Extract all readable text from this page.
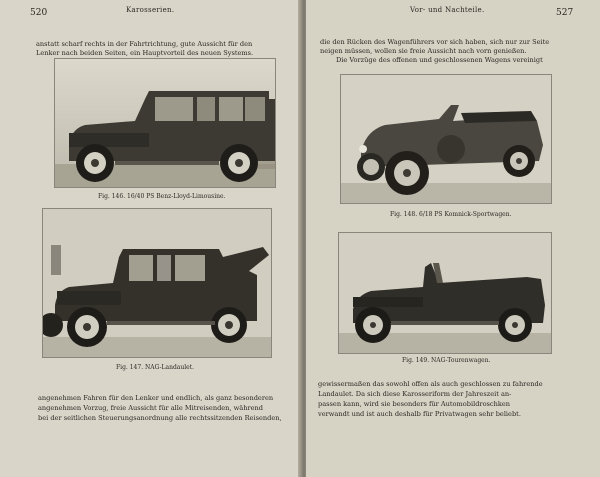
520	Karosserien.
anstatt scharf rechts in der Fahrtrichtung, gute Aussicht für den
Lenker nach beiden Seiten, ein Hauptvorteil des neuen Systems.
Fig. 146. 16/40 PS Benz-Lloyd-Limousine.
Fig. 147. NAG-Landaulet.
angenehmen Fahren für den Lenker und endlich, als ganz besonderen
angenehmen Vorzug, freie Aussicht für alle Mitreisenden, während
bei der seitlichen Steuerungsanordnung alle rechtssitzenden Reisenden,
Vor- und Nachteile.	527
die den Rücken des Wagenführers vor sich haben, sich nur zur Seite
neigen müssen, wollen sie freie Aussicht nach vorn genießen.
Die Vorzüge des offenen und geschlossenen Wagens vereinigt
Fig. 148. 6/18 PS Komnick-Sportwagen.
Fig. 149. NAG-Tourenwagen.
gewissermaßen das sowohl offen als auch geschlossen zu fahrende
Landaulet. Da sich diese Karosseriform der Jahreszeit an-
passen kann, wird sie besonders für Automobildroschken
verwandt und ist auch deshalb für Privatwagen sehr beliebt.
